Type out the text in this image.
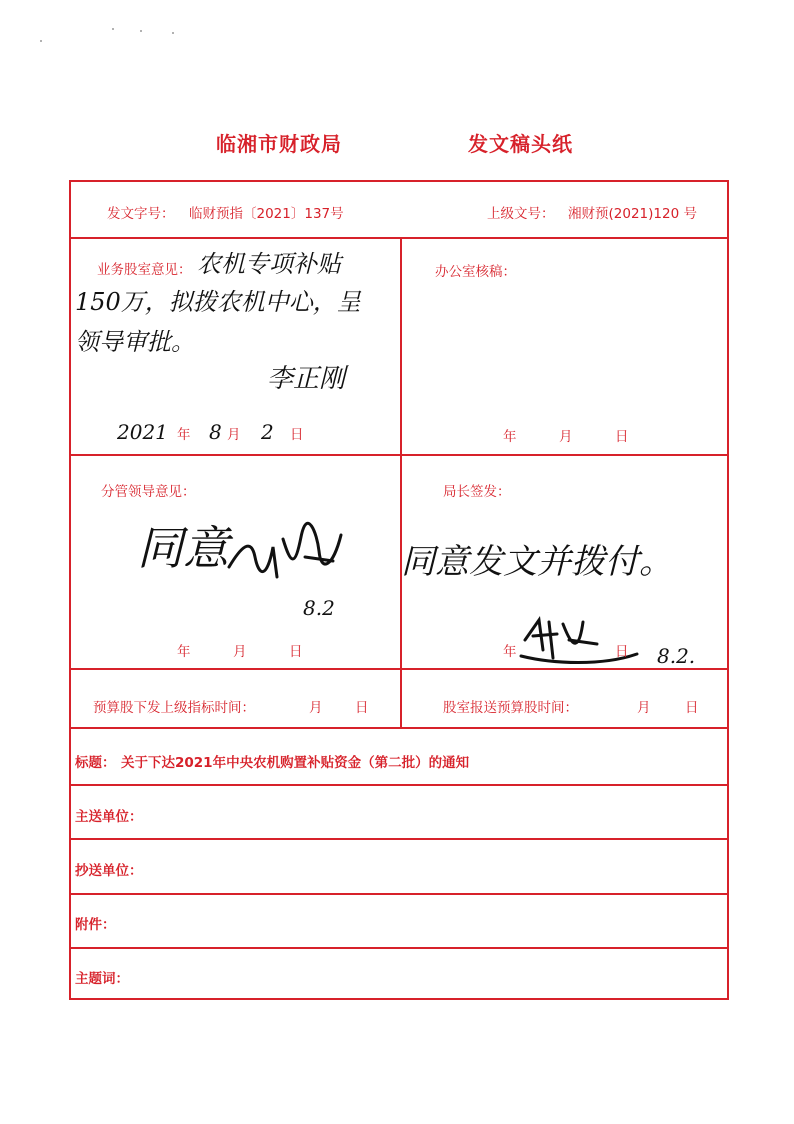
临湘市财政局	发文稿头纸
发文字号： 临财预指〔2021〕137号	上级文号： 湘财预(2021)120 号
业务股室意见： 农机专项补贴
150万，拟拨农机中心，呈
领导审批。
李正刚
2021 年 8 月 2 日
办公室核稿：
年	月	日
分管领导意见：
同意
8.2
年	月	日
局长签发：
同意发文并拨付。
年	日 8.2.
预算股下发上级指标时间：	月 日	股室报送预算股时间：	月	日
标题： 关于下达2021年中央农机购置补贴资金（第二批）的通知
主送单位：
抄送单位：
附件：
主题词：
